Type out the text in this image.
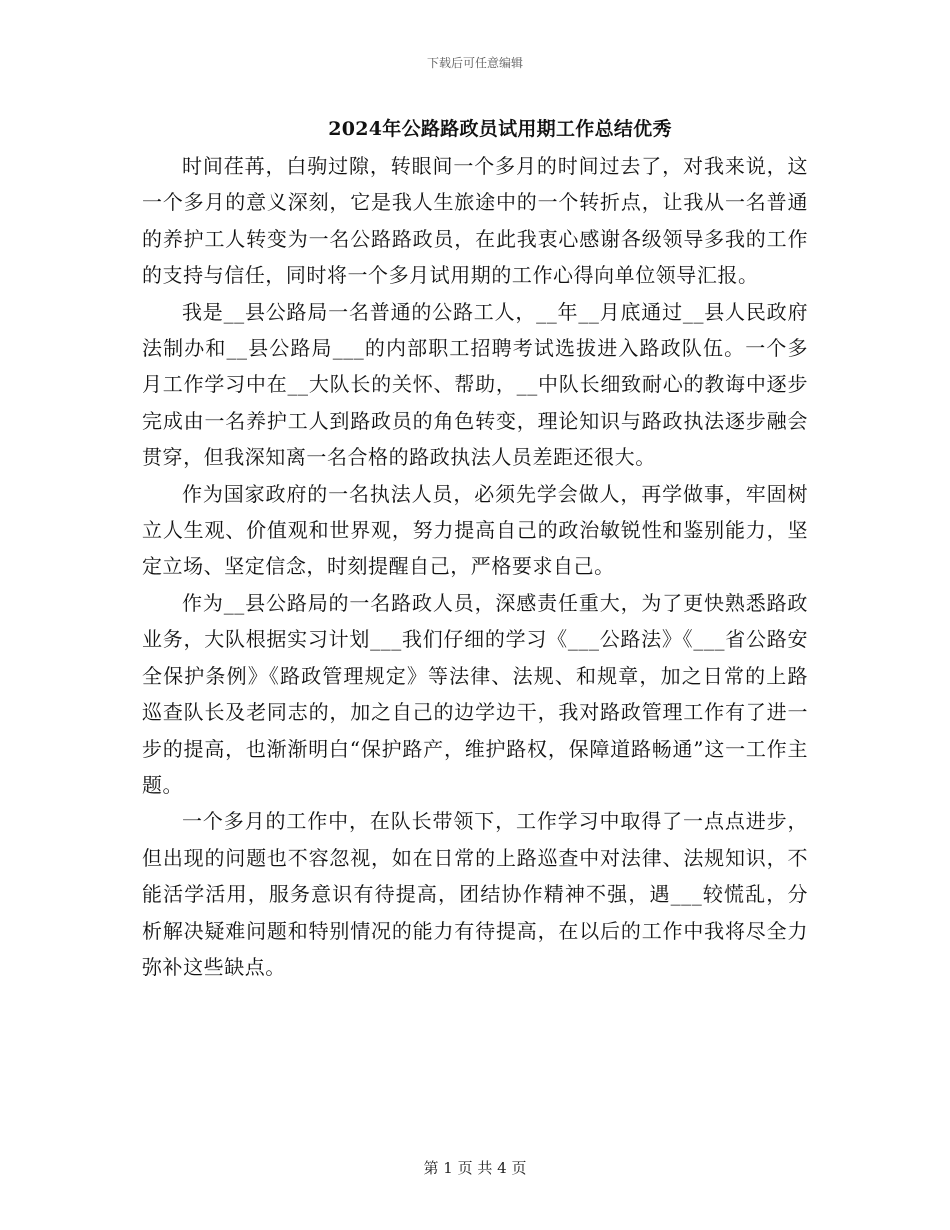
下载后可任意编辑
2024年公路路政员试用期工作总结优秀

时间荏苒，白驹过隙，转眼间一个多月的时间过去了，对我来说，这一个多月的意义深刻，它是我人生旅途中的一个转折点，让我从一名普通的养护工人转变为一名公路路政员，在此我衷心感谢各级领导多我的工作的支持与信任，同时将一个多月试用期的工作心得向单位领导汇报。

我是__县公路局一名普通的公路工人，__年__月底通过__县人民政府法制办和__县公路局___的内部职工招聘考试选拔进入路政队伍。一个多月工作学习中在__大队长的关怀、帮助，__中队长细致耐心的教诲中逐步完成由一名养护工人到路政员的角色转变，理论知识与路政执法逐步融会贯穿，但我深知离一名合格的路政执法人员差距还很大。

作为国家政府的一名执法人员，必须先学会做人，再学做事，牢固树立人生观、价值观和世界观，努力提高自己的政治敏锐性和鉴别能力，坚定立场、坚定信念，时刻提醒自己，严格要求自己。

作为__县公路局的一名路政人员，深感责任重大，为了更快熟悉路政业务，大队根据实习计划___我们仔细的学习《___公路法》《___省公路安全保护条例》《路政管理规定》等法律、法规、和规章，加之日常的上路巡查队长及老同志的，加之自己的边学边干，我对路政管理工作有了进一步的提高，也渐渐明白“保护路产，维护路权，保障道路畅通”这一工作主题。

一个多月的工作中，在队长带领下，工作学习中取得了一点点进步，但出现的问题也不容忽视，如在日常的上路巡查中对法律、法规知识，不能活学活用，服务意识有待提高，团结协作精神不强，遇___较慌乱，分析解决疑难问题和特别情况的能力有待提高，在以后的工作中我将尽全力弥补这些缺点。

第 1 页 共 4 页
